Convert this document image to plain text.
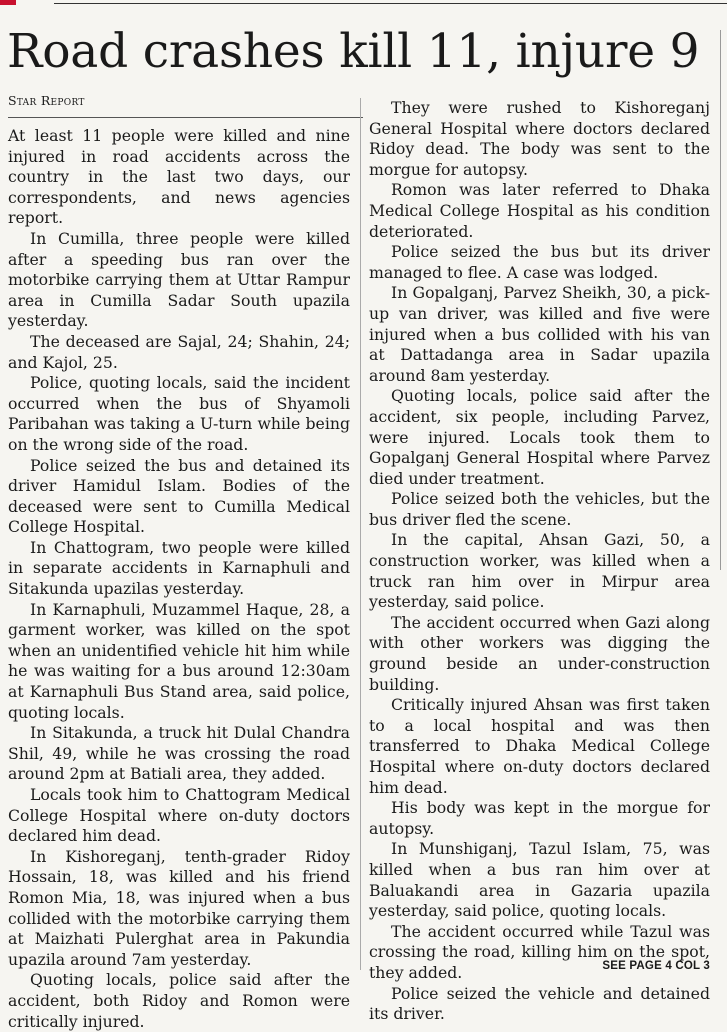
Road crashes kill 11, injure 9
Star Report

At least 11 people were killed and nine injured in road accidents across the country in the last two days, our correspondents, and news agencies report.

In Cumilla, three people were killed after a speeding bus ran over the motorbike carrying them at Uttar Rampur area in Cumilla Sadar South upazila yesterday.

The deceased are Sajal, 24; Shahin, 24; and Kajol, 25.

Police, quoting locals, said the incident occurred when the bus of Shyamoli Paribahan was taking a U-turn while being on the wrong side of the road.

Police seized the bus and detained its driver Hamidul Islam. Bodies of the deceased were sent to Cumilla Medical College Hospital.

In Chattogram, two people were killed in separate accidents in Karnaphuli and Sitakunda upazilas yesterday.

In Karnaphuli, Muzammel Haque, 28, a garment worker, was killed on the spot when an unidentified vehicle hit him while he was waiting for a bus around 12:30am at Karnaphuli Bus Stand area, said police, quoting locals.

In Sitakunda, a truck hit Dulal Chandra Shil, 49, while he was crossing the road around 2pm at Batiali area, they added.

Locals took him to Chattogram Medical College Hospital where on-duty doctors declared him dead.

In Kishoreganj, tenth-grader Ridoy Hossain, 18, was killed and his friend Romon Mia, 18, was injured when a bus collided with the motorbike carrying them at Maizhati Pulerghat area in Pakundia upazila around 7am yesterday.

Quoting locals, police said after the accident, both Ridoy and Romon were critically injured.

They were rushed to Kishoreganj General Hospital where doctors declared Ridoy dead. The body was sent to the morgue for autopsy.

Romon was later referred to Dhaka Medical College Hospital as his condition deteriorated.

Police seized the bus but its driver managed to flee. A case was lodged.

In Gopalganj, Parvez Sheikh, 30, a pick-up van driver, was killed and five were injured when a bus collided with his van at Dattadanga area in Sadar upazila around 8am yesterday.

Quoting locals, police said after the accident, six people, including Parvez, were injured. Locals took them to Gopalganj General Hospital where Parvez died under treatment.

Police seized both the vehicles, but the bus driver fled the scene.

In the capital, Ahsan Gazi, 50, a construction worker, was killed when a truck ran him over in Mirpur area yesterday, said police.

The accident occurred when Gazi along with other workers was digging the ground beside an under-construction building.

Critically injured Ahsan was first taken to a local hospital and was then transferred to Dhaka Medical College Hospital where on-duty doctors declared him dead.

His body was kept in the morgue for autopsy.

In Munshiganj, Tazul Islam, 75, was killed when a bus ran him over at Baluakandi area in Gazaria upazila yesterday, said police, quoting locals.

The accident occurred while Tazul was crossing the road, killing him on the spot, they added.

Police seized the vehicle and detained its driver.

SEE PAGE 4 COL 3
